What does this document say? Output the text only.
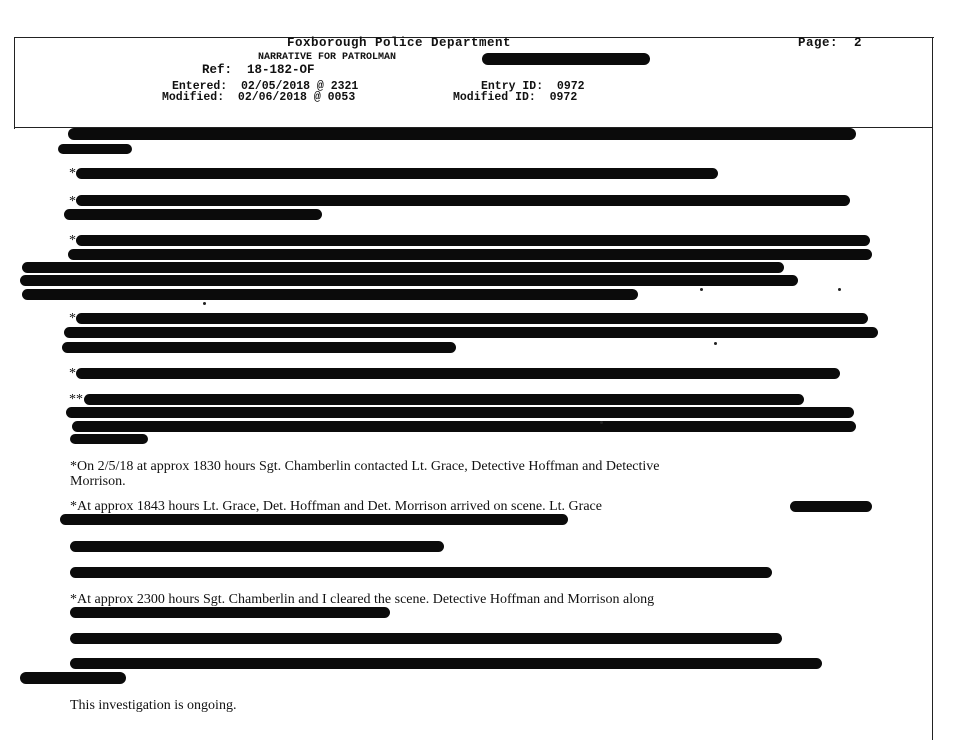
Foxborough Police Department	Page:  2
NARRATIVE FOR PATROLMAN
Ref:  18-182-OF
Entered:  02/05/2018 @ 2321
Modified:  02/06/2018 @ 0053
Entry ID:  0972
Modified ID:  0972
*
*
*
*
*
**
*On 2/5/18 at approx 1830 hours Sgt. Chamberlin contacted Lt. Grace, Detective Hoffman and Detective
Morrison.
*At approx 1843 hours Lt. Grace, Det. Hoffman and Det. Morrison arrived on scene. Lt. Grace
*At approx 2300 hours Sgt. Chamberlin and I cleared the scene. Detective Hoffman and Morrison along
This investigation is ongoing.
